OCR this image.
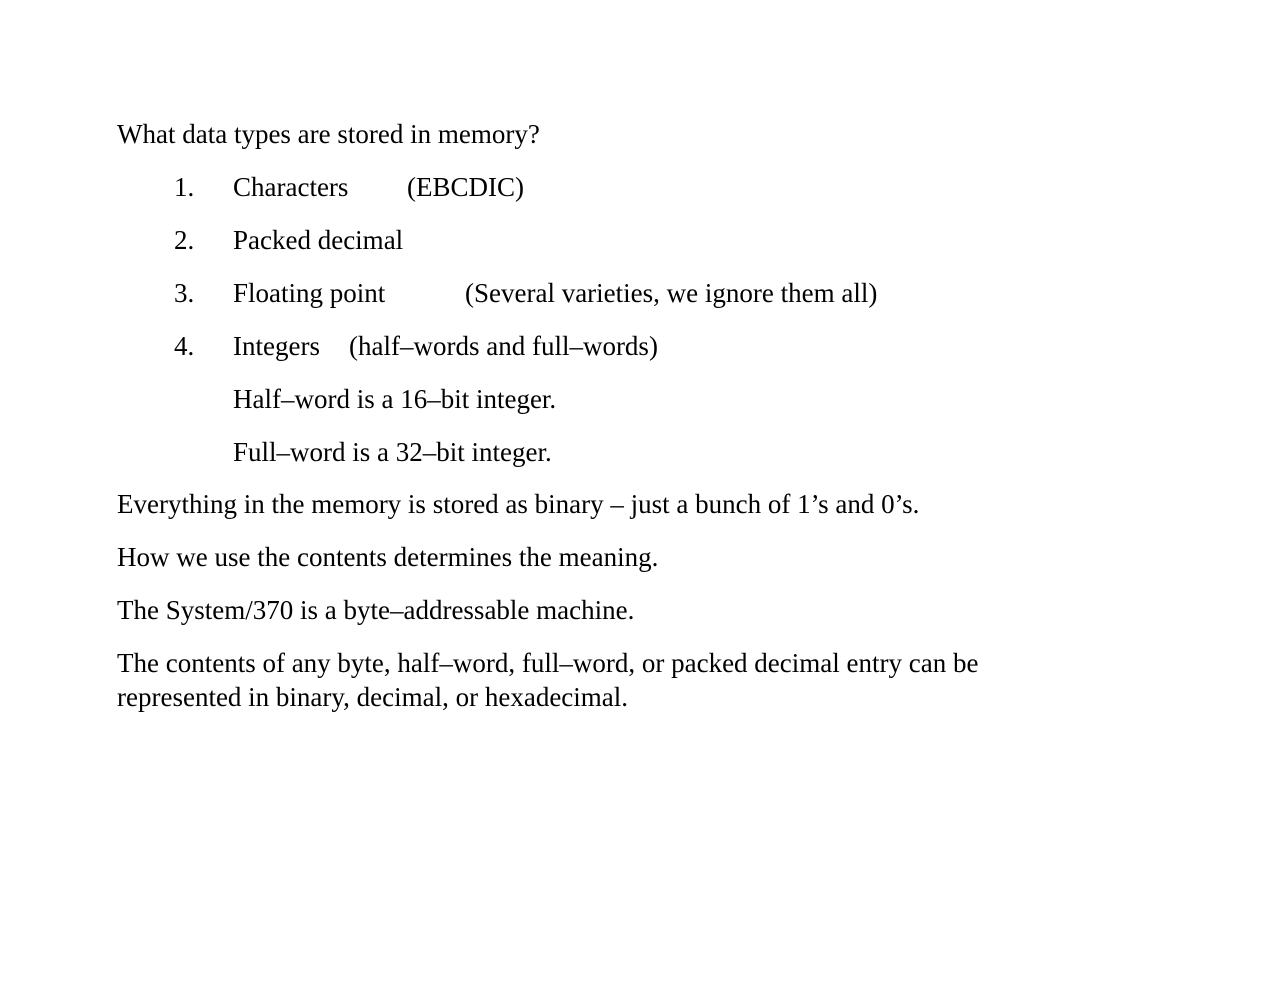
What data types are stored in memory?
1. Characters (EBCDIC)
2. Packed decimal
3. Floating point	(Several varieties, we ignore them all)
4. Integers (half–words and full–words)
Half–word is a 16–bit integer.
Full–word is a 32–bit integer.
Everything in the memory is stored as binary – just a bunch of 1’s and 0’s.
How we use the contents determines the meaning.
The System/370 is a byte–addressable machine.
The contents of any byte, half–word, full–word, or packed decimal entry can be
represented in binary, decimal, or hexadecimal.
